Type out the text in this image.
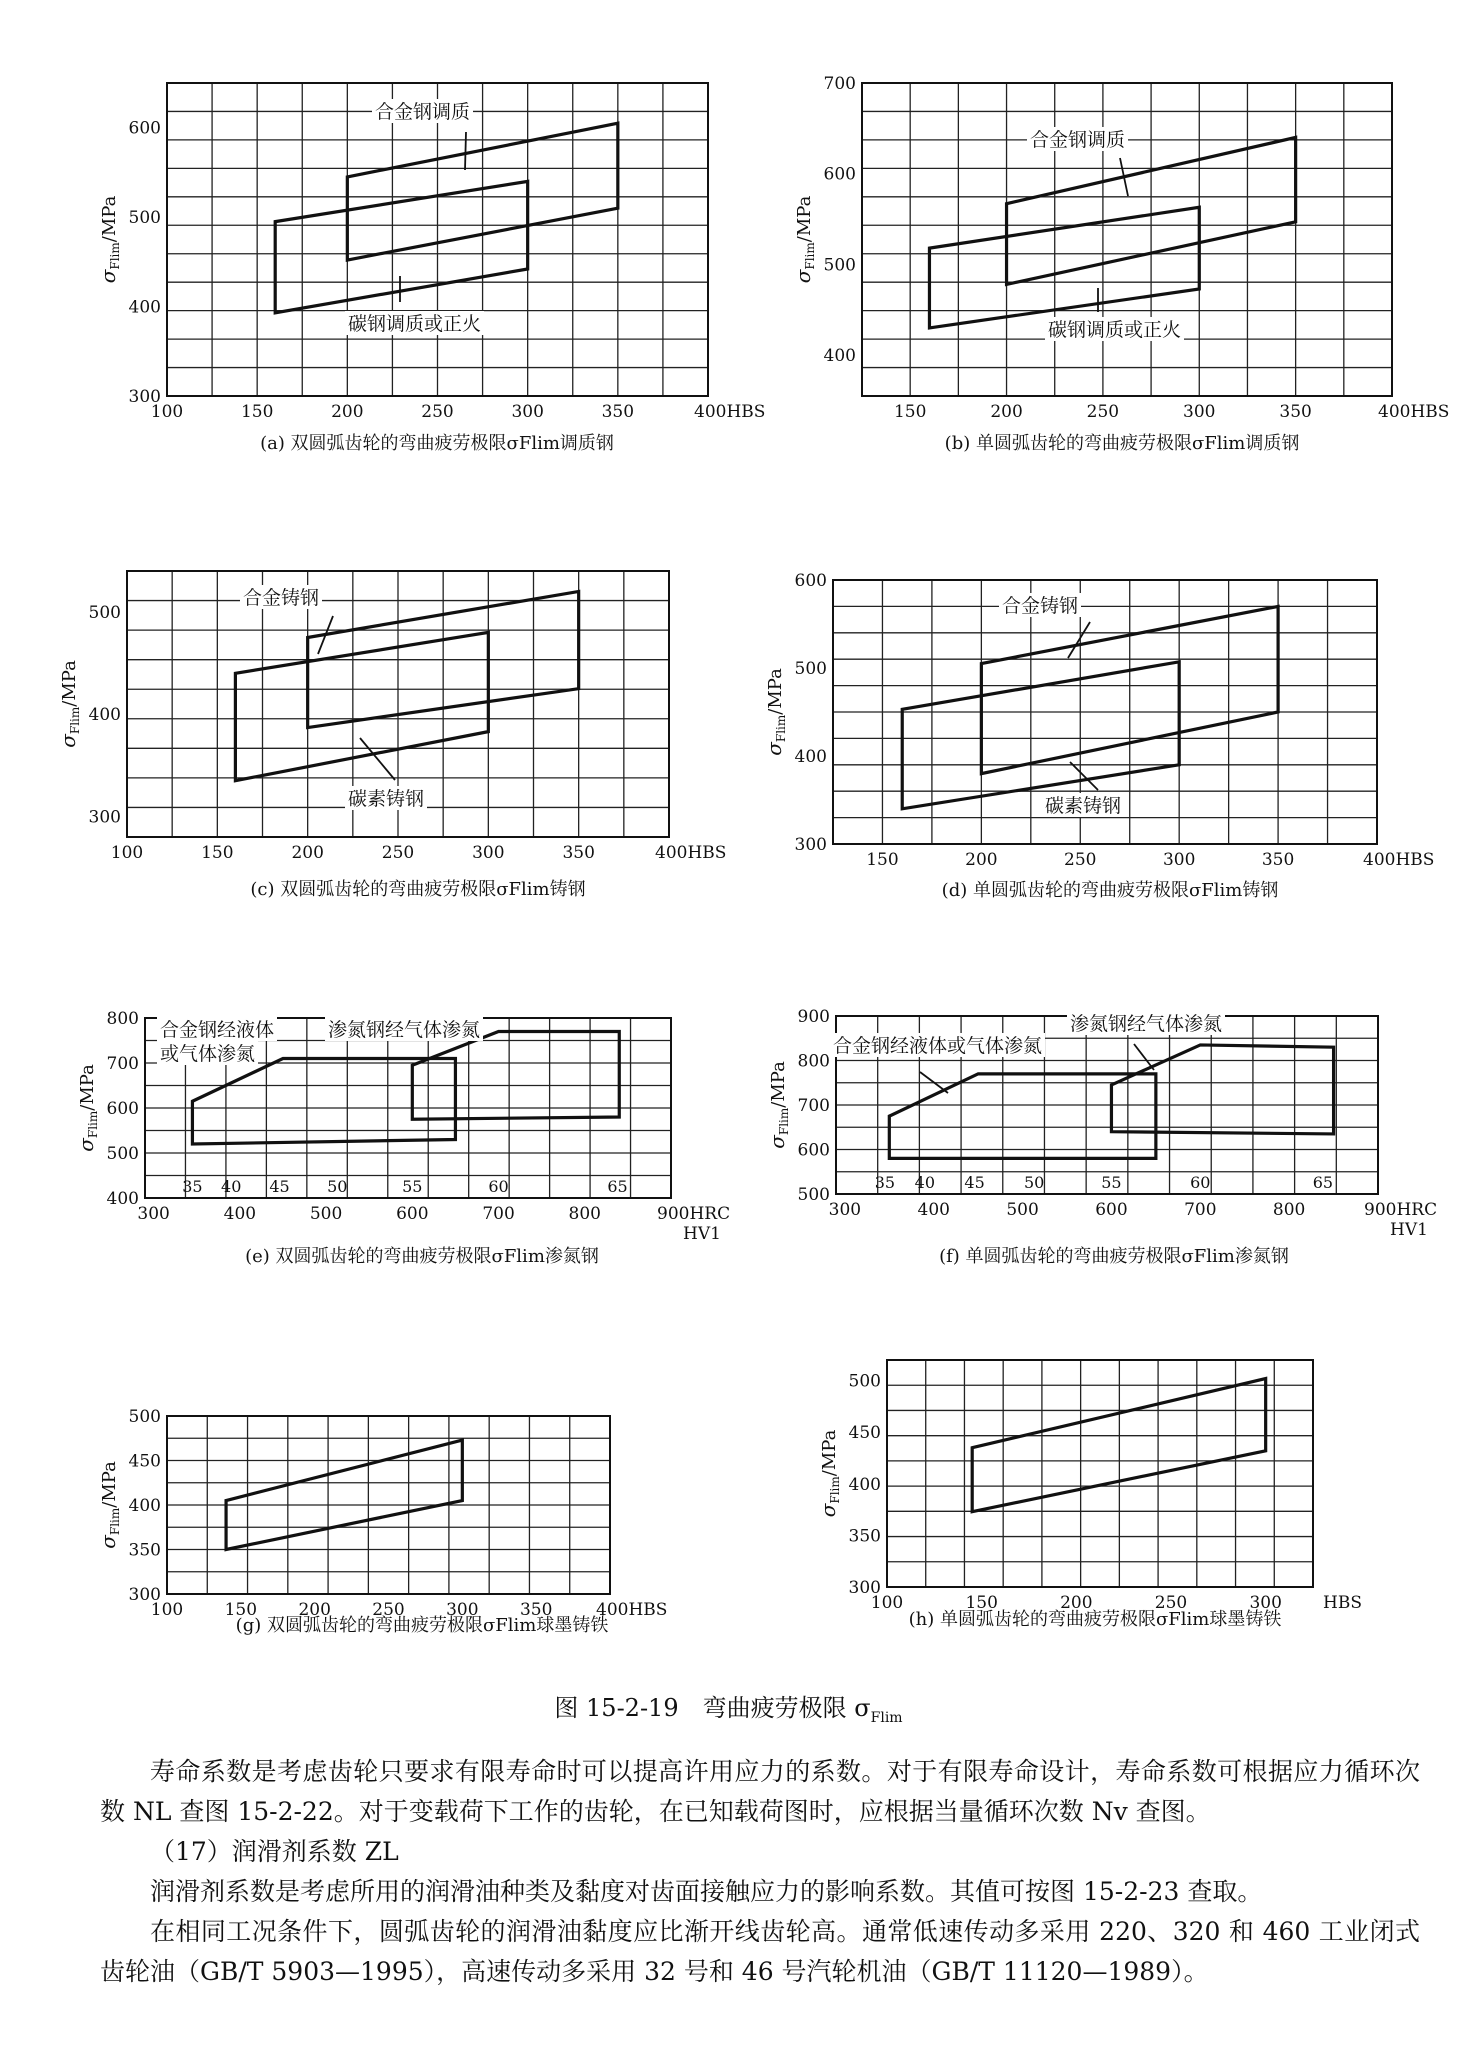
300
400
500
600
100	150	200	250	300	350	400HBS
$\sigma_{Flim}$/MPa
合金钢调质
碳钢调质或正火
(a) 双圆弧齿轮的弯曲疲劳极限σFlim调质钢
400
500
600
700
150	200	250	300	350	400HBS
$\sigma_{Flim}$/MPa
合金钢调质
碳钢调质或正火
(b) 单圆弧齿轮的弯曲疲劳极限σFlim调质钢
300
400
500
100	150	200	250	300	350	400HBS
$\sigma_{Flim}$/MPa
合金铸钢
碳素铸钢
(c) 双圆弧齿轮的弯曲疲劳极限σFlim铸钢
300
400
500
600
150	200	250	300	350	400HBS
$\sigma_{Flim}$/MPa
合金铸钢
碳素铸钢
(d) 单圆弧齿轮的弯曲疲劳极限σFlim铸钢
400
500
600
700
800
300	400	500	600	700	800	900HRC
HV1
35 40 45 50	55	60	65
$\sigma_{Flim}$/MPa
合金钢经液体
或气体渗氮
渗氮钢经气体渗氮
(e) 双圆弧齿轮的弯曲疲劳极限σFlim渗氮钢
500
600
700
800
900
300	400	500	600	700	800	900HRC
HV1
35 40 45 50	55	60	65
$\sigma_{Flim}$/MPa
合金钢经液体或气体渗氮
渗氮钢经气体渗氮
(f) 单圆弧齿轮的弯曲疲劳极限σFlim渗氮钢
300
350
400
450
500
100 150 200 250 300 350	400HBS
$\sigma_{Flim}$/MPa
(g) 双圆弧齿轮的弯曲疲劳极限σFlim球墨铸铁
300
350
400
450
500
100	150	200	250	300 HBS
$\sigma_{Flim}$/MPa
(h) 单圆弧齿轮的弯曲疲劳极限σFlim球墨铸铁
图 15-2-19　弯曲疲劳极限 $\sigma_{Flim}$

寿命系数是考虑齿轮只要求有限寿命时可以提高许用应力的系数。对于有限寿命设计，寿命系数可根据应力循环次数 NL 查图 15-2-22。对于变载荷下工作的齿轮，在已知载荷图时，应根据当量循环次数 Nv 查图。

（17）润滑剂系数 ZL

润滑剂系数是考虑所用的润滑油种类及黏度对齿面接触应力的影响系数。其值可按图 15-2-23 查取。

在相同工况条件下，圆弧齿轮的润滑油黏度应比渐开线齿轮高。通常低速传动多采用 220、320 和 460 工业闭式齿轮油（GB/T 5903—1995），高速传动多采用 32 号和 46 号汽轮机油（GB/T 11120—1989）。
